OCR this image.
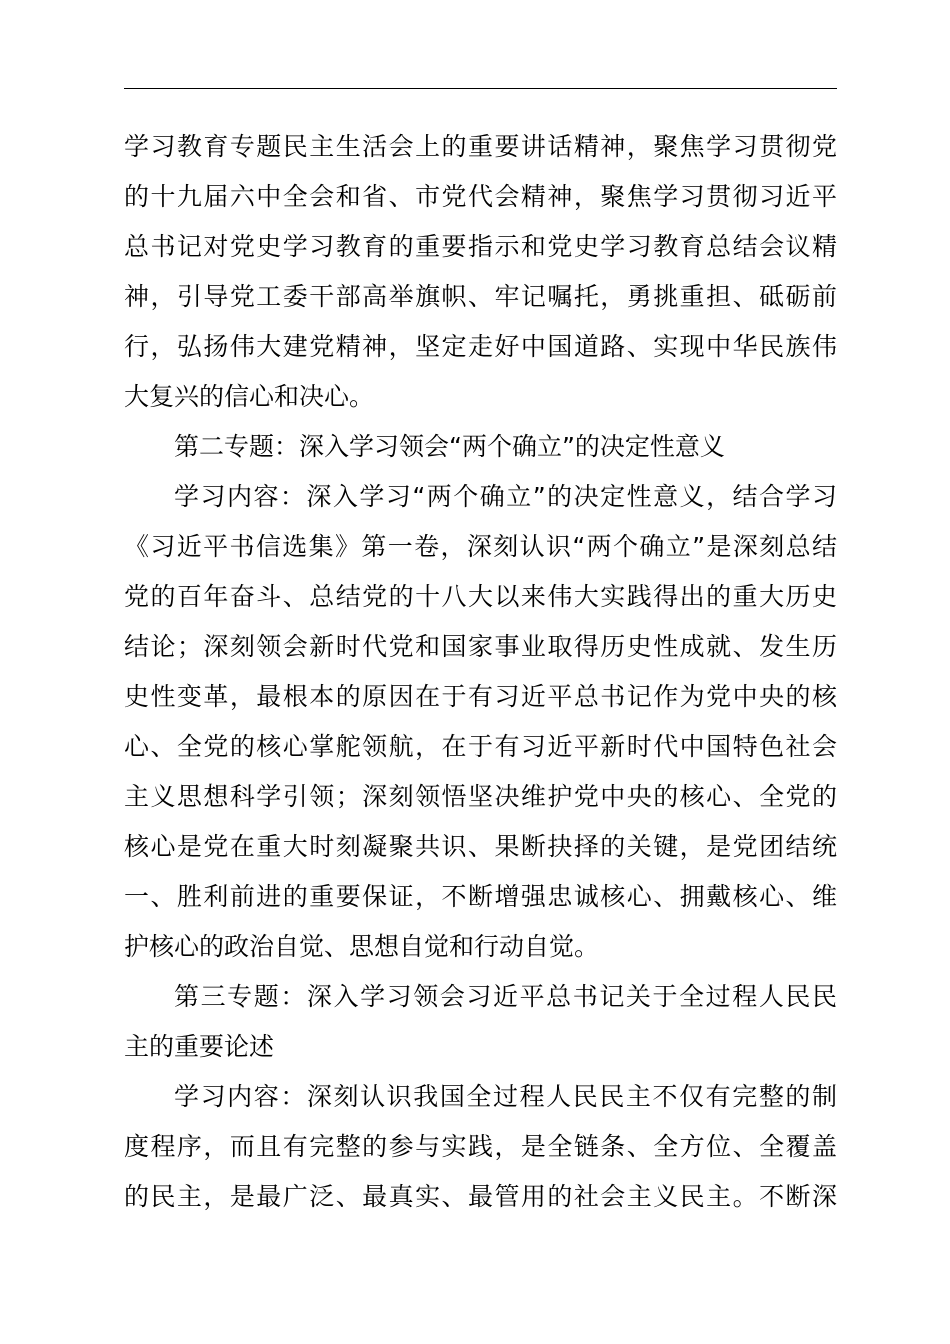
学习教育专题民主生活会上的重要讲话精神，聚焦学习贯彻党
的十九届六中全会和省、市党代会精神，聚焦学习贯彻习近平
总书记对党史学习教育的重要指示和党史学习教育总结会议精
神，引导党工委干部高举旗帜、牢记嘱托，勇挑重担、砥砺前
行，弘扬伟大建党精神，坚定走好中国道路、实现中华民族伟
大复兴的信心和决心。
第二专题：深入学习领会“两个确立”的决定性意义
学习内容：深入学习“两个确立”的决定性意义，结合学习
《习近平书信选集》第一卷，深刻认识“两个确立”是深刻总结
党的百年奋斗、总结党的十八大以来伟大实践得出的重大历史
结论；深刻领会新时代党和国家事业取得历史性成就、发生历
史性变革，最根本的原因在于有习近平总书记作为党中央的核
心、全党的核心掌舵领航，在于有习近平新时代中国特色社会
主义思想科学引领；深刻领悟坚决维护党中央的核心、全党的
核心是党在重大时刻凝聚共识、果断抉择的关键，是党团结统
一、胜利前进的重要保证，不断增强忠诚核心、拥戴核心、维
护核心的政治自觉、思想自觉和行动自觉。
第三专题：深入学习领会习近平总书记关于全过程人民民
主的重要论述
学习内容：深刻认识我国全过程人民民主不仅有完整的制
度程序，而且有完整的参与实践，是全链条、全方位、全覆盖
的民主，是最广泛、最真实、最管用的社会主义民主。不断深
